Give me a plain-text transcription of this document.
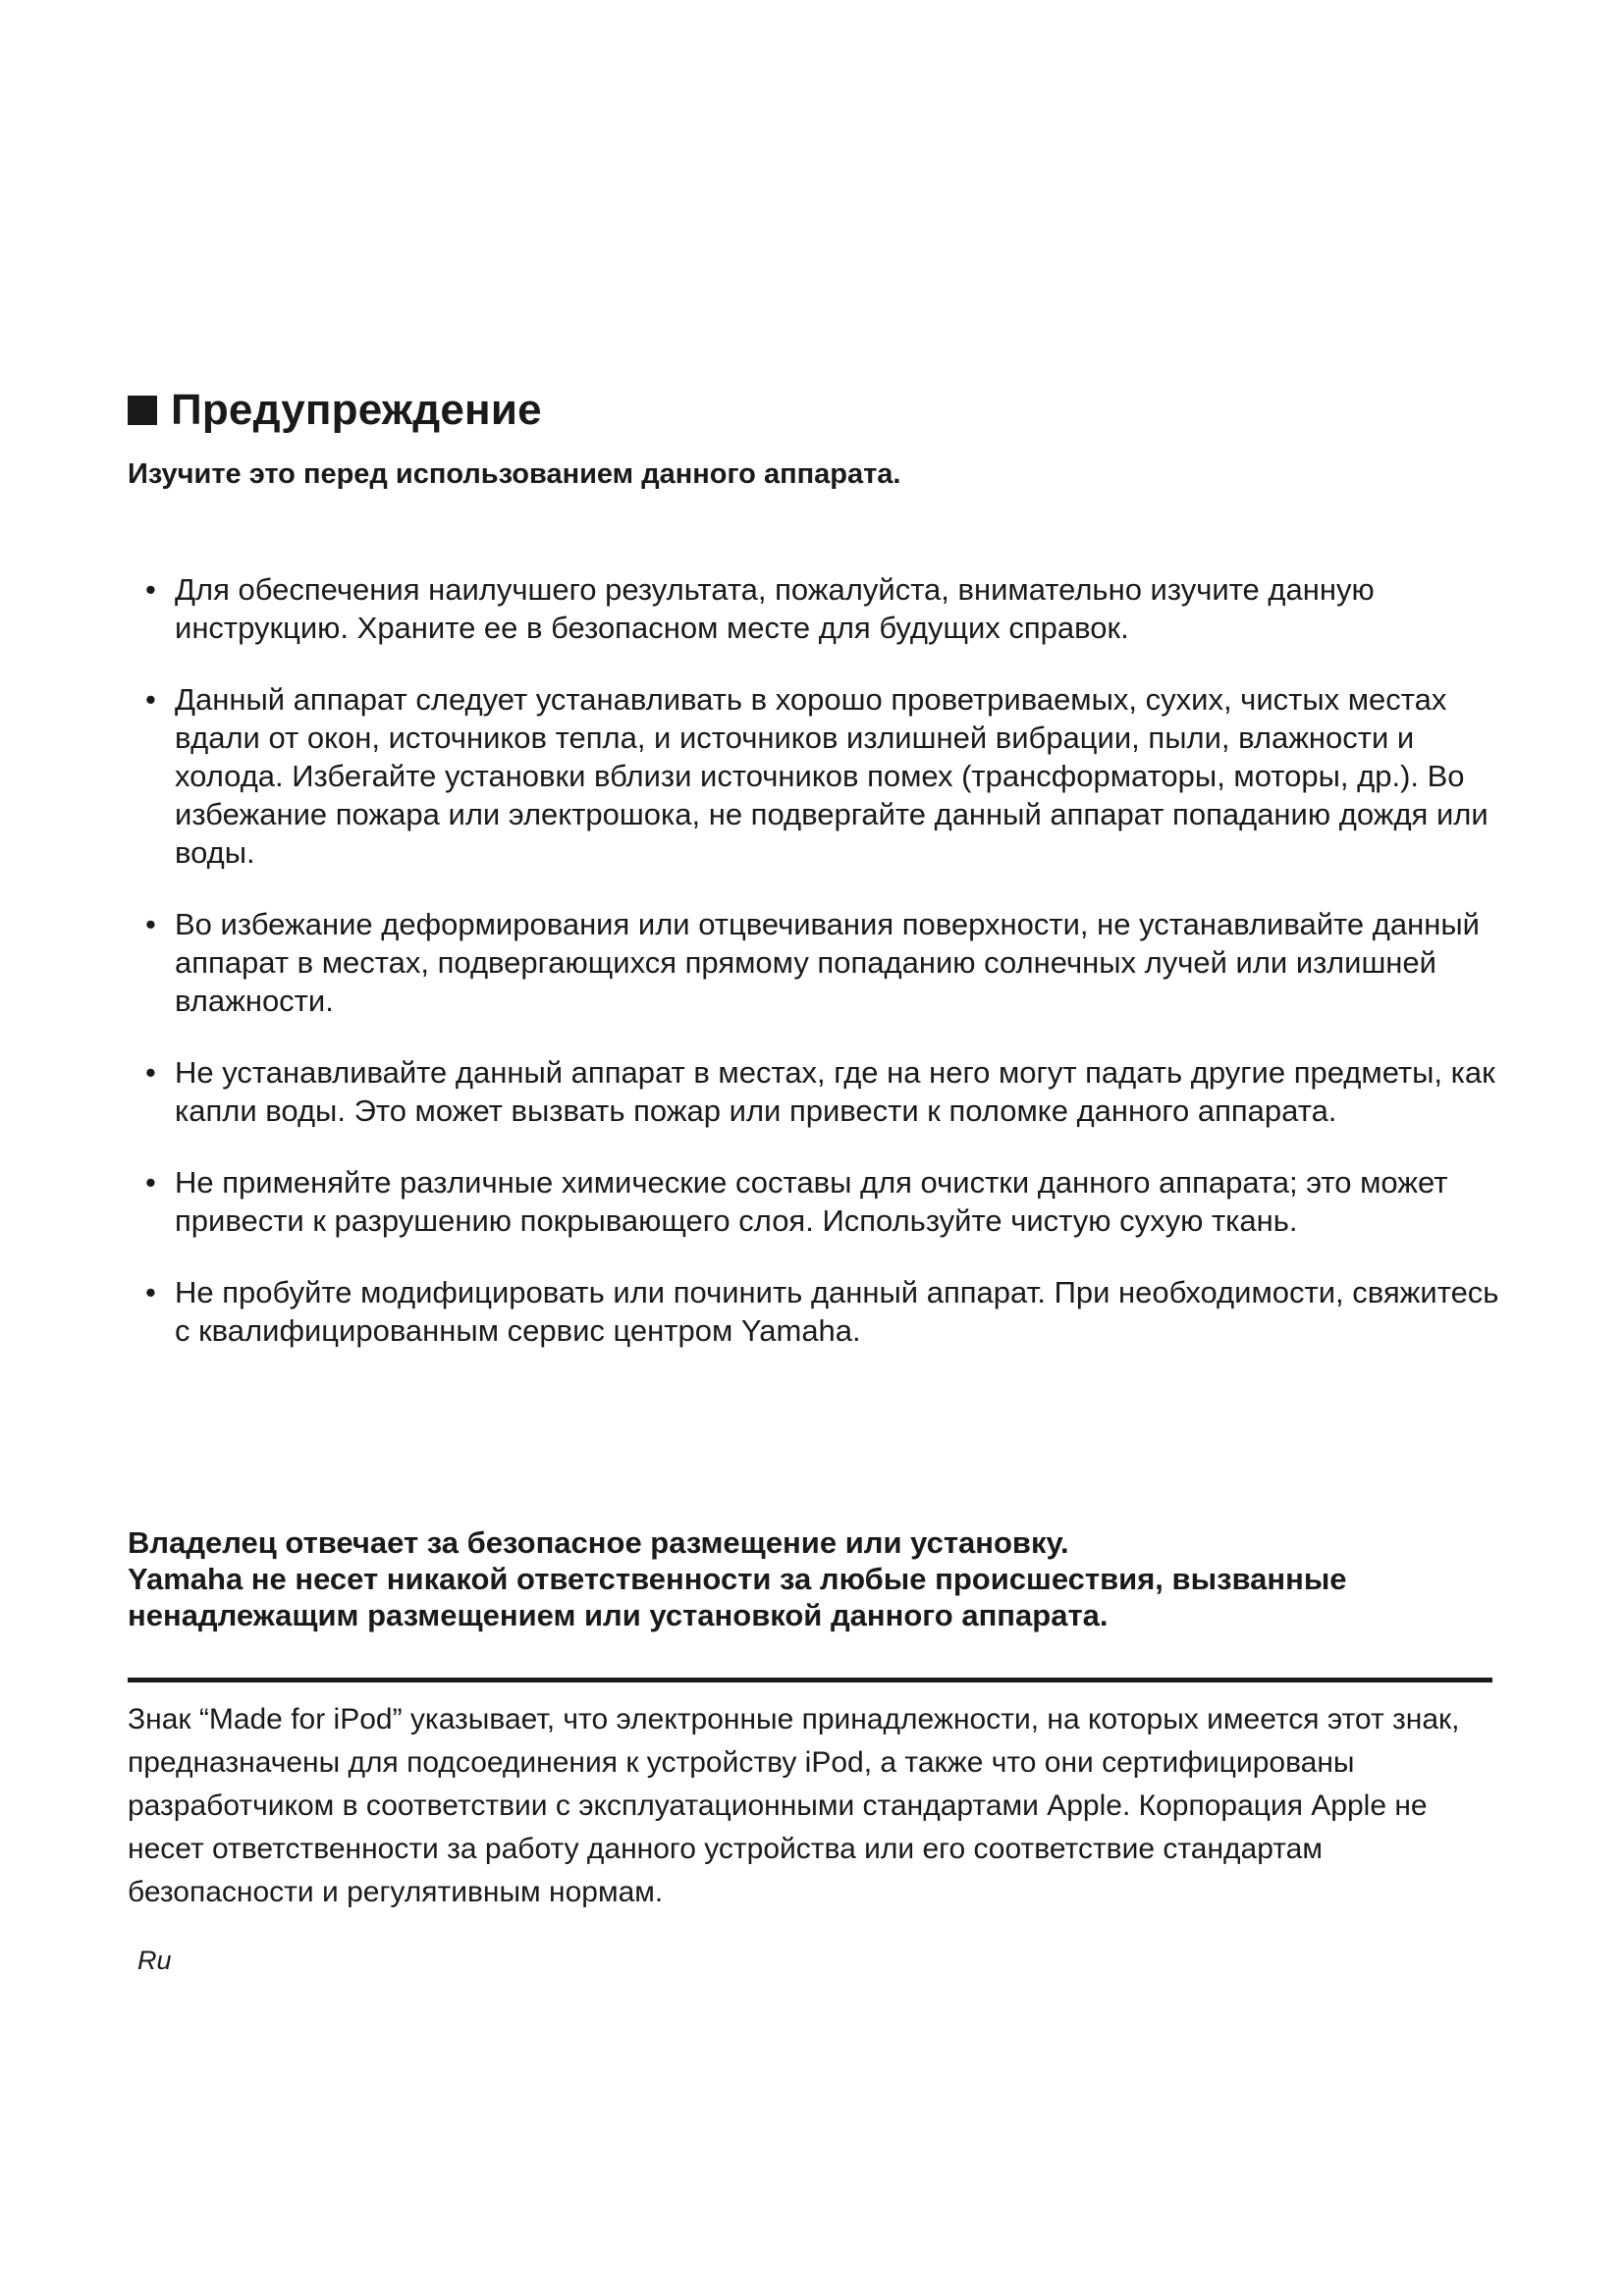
Предупреждение

Изучите это перед использованием данного аппарата.

• Для обеспечения наилучшего результата, пожалуйста, внимательно изучите данную инструкцию. Храните ее в безопасном месте для будущих справок.
• Данный аппарат следует устанавливать в хорошо проветриваемых, сухих, чистых местах вдали от окон, источников тепла, и источников излишней вибрации, пыли, влажности и холода. Избегайте установки вблизи источников помех (трансформаторы, моторы, др.). Во избежание пожара или электрошока, не подвергайте данный аппарат попаданию дождя или воды.
• Во избежание деформирования или отцвечивания поверхности, не устанавливайте данный аппарат в местах, подвергающихся прямому попаданию солнечных лучей или излишней влажности.
• Не устанавливайте данный аппарат в местах, где на него могут падать другие предметы, как капли воды. Это может вызвать пожар или привести к поломке данного аппарата.
• Не применяйте различные химические составы для очистки данного аппарата; это может привести к разрушению покрывающего слоя. Используйте чистую сухую ткань.
• Не пробуйте модифицировать или починить данный аппарат. При необходимости, свяжитесь с квалифицированным сервис центром Yamaha.

Владелец отвечает за безопасное размещение или установку.
Yamaha не несет никакой ответственности за любые происшествия, вызванные ненадлежащим размещением или установкой данного аппарата.

Знак “Made for iPod” указывает, что электронные принадлежности, на которых имеется этот знак, предназначены для подсоединения к устройству iPod, а также что они сертифицированы разработчиком в соответствии с эксплуатационными стандартами Apple. Корпорация Apple не несет ответственности за работу данного устройства или его соответствие стандартам безопасности и регулятивным нормам.

Ru
